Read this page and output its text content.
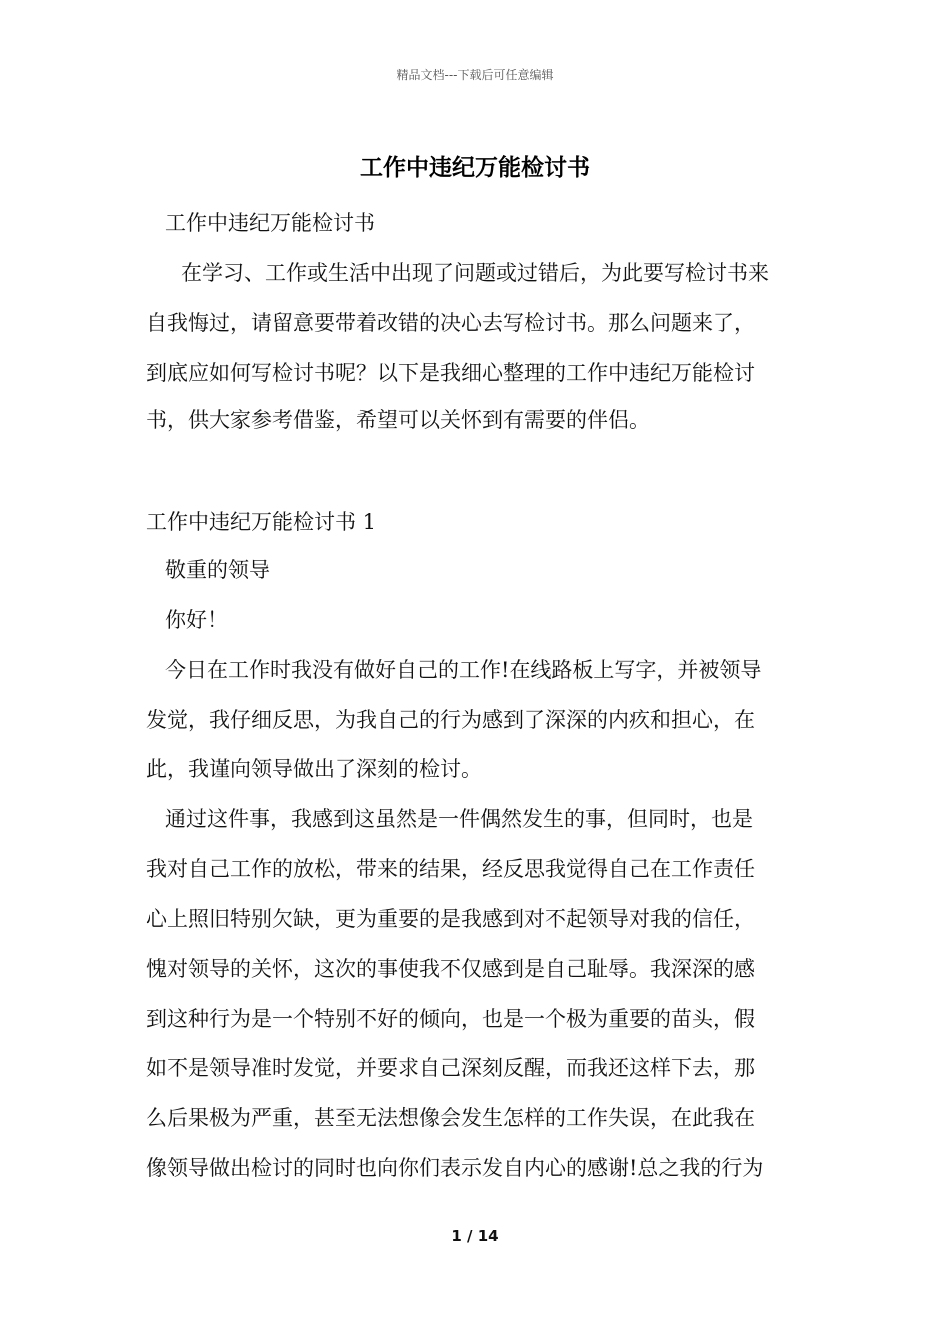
精品文档---下载后可任意编辑
工作中违纪万能检讨书
工作中违纪万能检讨书
在学习、工作或生活中出现了问题或过错后，为此要写检讨书来
自我悔过，请留意要带着改错的决心去写检讨书。那么问题来了，
到底应如何写检讨书呢？以下是我细心整理的工作中违纪万能检讨
书，供大家参考借鉴，希望可以关怀到有需要的伴侣。
工作中违纪万能检讨书 1
敬重的领导
你好！
今日在工作时我没有做好自己的工作!在线路板上写字，并被领导
发觉，我仔细反思，为我自己的行为感到了深深的内疚和担心，在
此，我谨向领导做出了深刻的检讨。
通过这件事，我感到这虽然是一件偶然发生的事，但同时，也是
我对自己工作的放松，带来的结果，经反思我觉得自己在工作责任
心上照旧特别欠缺，更为重要的是我感到对不起领导对我的信任，
愧对领导的关怀，这次的事使我不仅感到是自己耻辱。我深深的感
到这种行为是一个特别不好的倾向，也是一个极为重要的苗头，假
如不是领导准时发觉，并要求自己深刻反醒，而我还这样下去，那
么后果极为严重，甚至无法想像会发生怎样的工作失误，在此我在
像领导做出检讨的同时也向你们表示发自内心的感谢!总之我的行为
1 / 14
